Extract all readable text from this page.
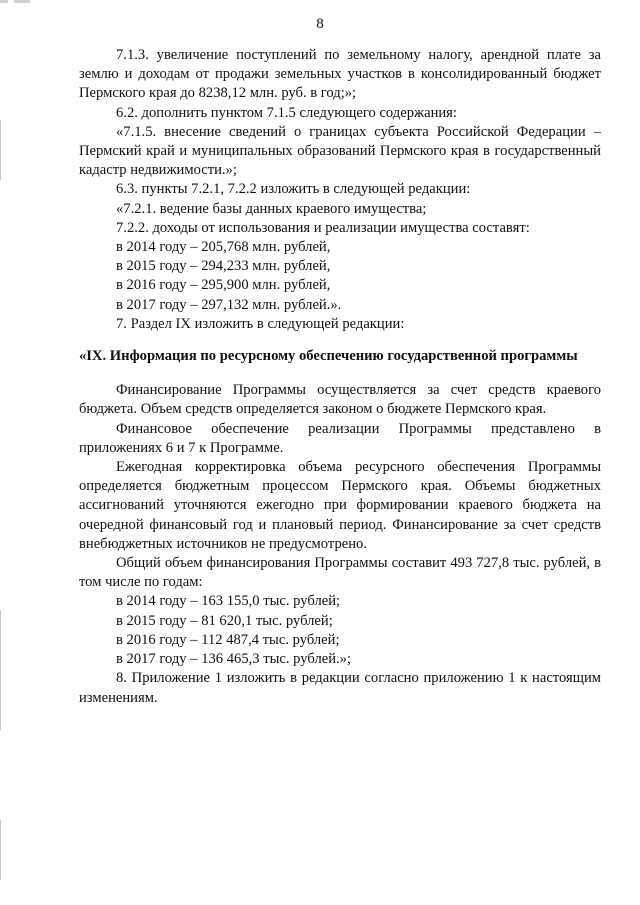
8

7.1.3. увеличение поступлений по земельному налогу, арендной плате за землю и доходам от продажи земельных участков в консолидированный бюджет Пермского края до 8238,12 млн. руб. в год;»;

6.2. дополнить пунктом 7.1.5 следующего содержания:

«7.1.5. внесение сведений о границах субъекта Российской Федерации – Пермский край и муниципальных образований Пермского края в государственный кадастр недвижимости.»;

6.3. пункты 7.2.1, 7.2.2 изложить в следующей редакции:

«7.2.1. ведение базы данных краевого имущества;

7.2.2. доходы от использования и реализации имущества составят:

в 2014 году – 205,768 млн. рублей,

в 2015 году – 294,233 млн. рублей,

в 2016 году – 295,900 млн. рублей,

в 2017 году – 297,132 млн. рублей.».

7. Раздел IX изложить в следующей редакции:

«IX. Информация по ресурсному обеспечению государственной программы

Финансирование Программы осуществляется за счет средств краевого бюджета. Объем средств определяется законом о бюджете Пермского края.

Финансовое обеспечение реализации Программы представлено в приложениях 6 и 7 к Программе.

Ежегодная корректировка объема ресурсного обеспечения Программы определяется бюджетным процессом Пермского края. Объемы бюджетных ассигнований уточняются ежегодно при формировании краевого бюджета на очередной финансовый год и плановый период. Финансирование за счет средств внебюджетных источников не предусмотрено.

Общий объем финансирования Программы составит 493 727,8 тыс. рублей, в том числе по годам:

в 2014 году – 163 155,0 тыс. рублей;

в 2015 году – 81 620,1 тыс. рублей;

в 2016 году – 112 487,4 тыс. рублей;

в 2017 году – 136 465,3 тыс. рублей.»;

8. Приложение 1 изложить в редакции согласно приложению 1 к настоящим изменениям.
